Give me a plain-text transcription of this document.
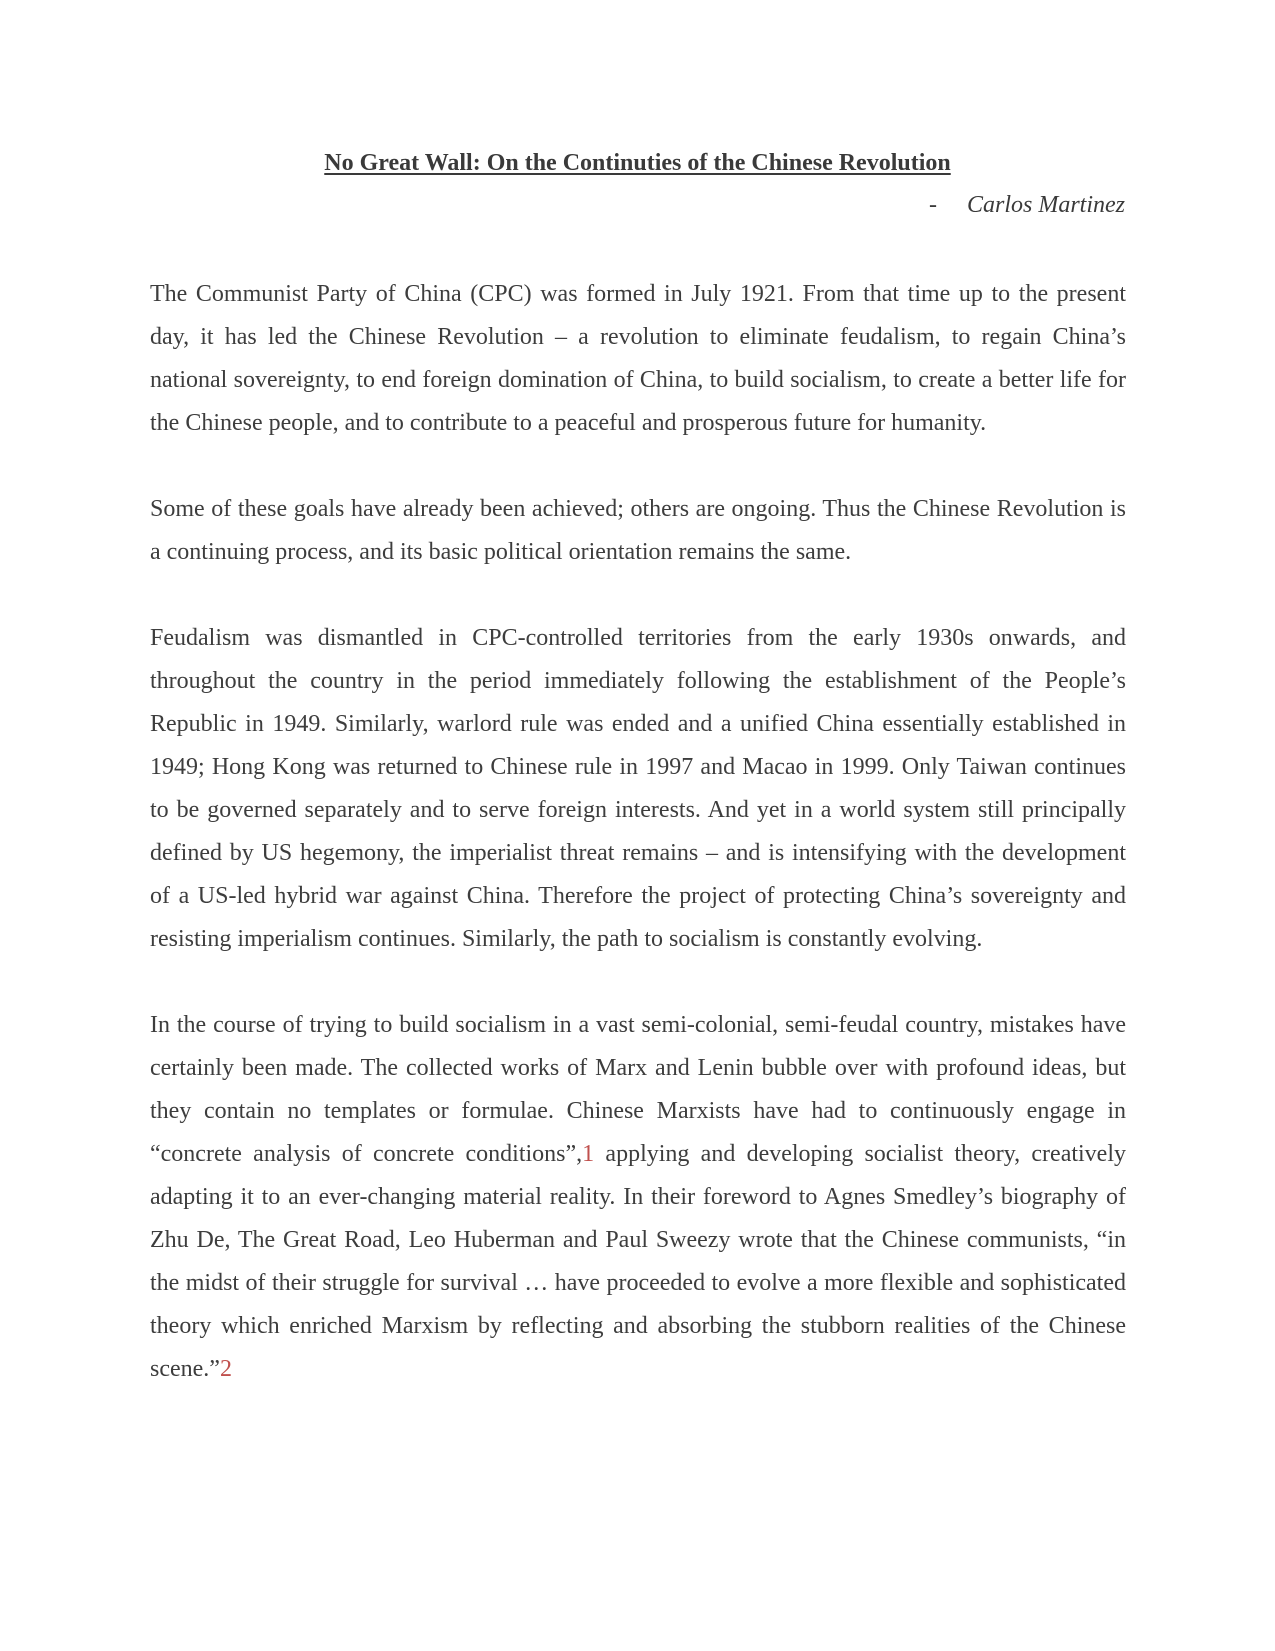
No Great Wall: On the Continuties of the Chinese Revolution
- Carlos Martinez

The Communist Party of China (CPC) was formed in July 1921. From that time up to the present day, it has led the Chinese Revolution – a revolution to eliminate feudalism, to regain China’s national sovereignty, to end foreign domination of China, to build socialism, to create a better life for the Chinese people, and to contribute to a peaceful and prosperous future for humanity.

Some of these goals have already been achieved; others are ongoing. Thus the Chinese Revolution is a continuing process, and its basic political orientation remains the same.

Feudalism was dismantled in CPC-controlled territories from the early 1930s onwards, and throughout the country in the period immediately following the establishment of the People’s Republic in 1949. Similarly, warlord rule was ended and a unified China essentially established in 1949; Hong Kong was returned to Chinese rule in 1997 and Macao in 1999. Only Taiwan continues to be governed separately and to serve foreign interests. And yet in a world system still principally defined by US hegemony, the imperialist threat remains – and is intensifying with the development of a US-led hybrid war against China. Therefore the project of protecting China’s sovereignty and resisting imperialism continues. Similarly, the path to socialism is constantly evolving.

In the course of trying to build socialism in a vast semi-colonial, semi-feudal country, mistakes have certainly been made. The collected works of Marx and Lenin bubble over with profound ideas, but they contain no templates or formulae. Chinese Marxists have had to continuously engage in “concrete analysis of concrete conditions”,1 applying and developing socialist theory, creatively adapting it to an ever-changing material reality. In their foreword to Agnes Smedley’s biography of Zhu De, The Great Road, Leo Huberman and Paul Sweezy wrote that the Chinese communists, “in the midst of their struggle for survival … have proceeded to evolve a more flexible and sophisticated theory which enriched Marxism by reflecting and absorbing the stubborn realities of the Chinese scene.”2
